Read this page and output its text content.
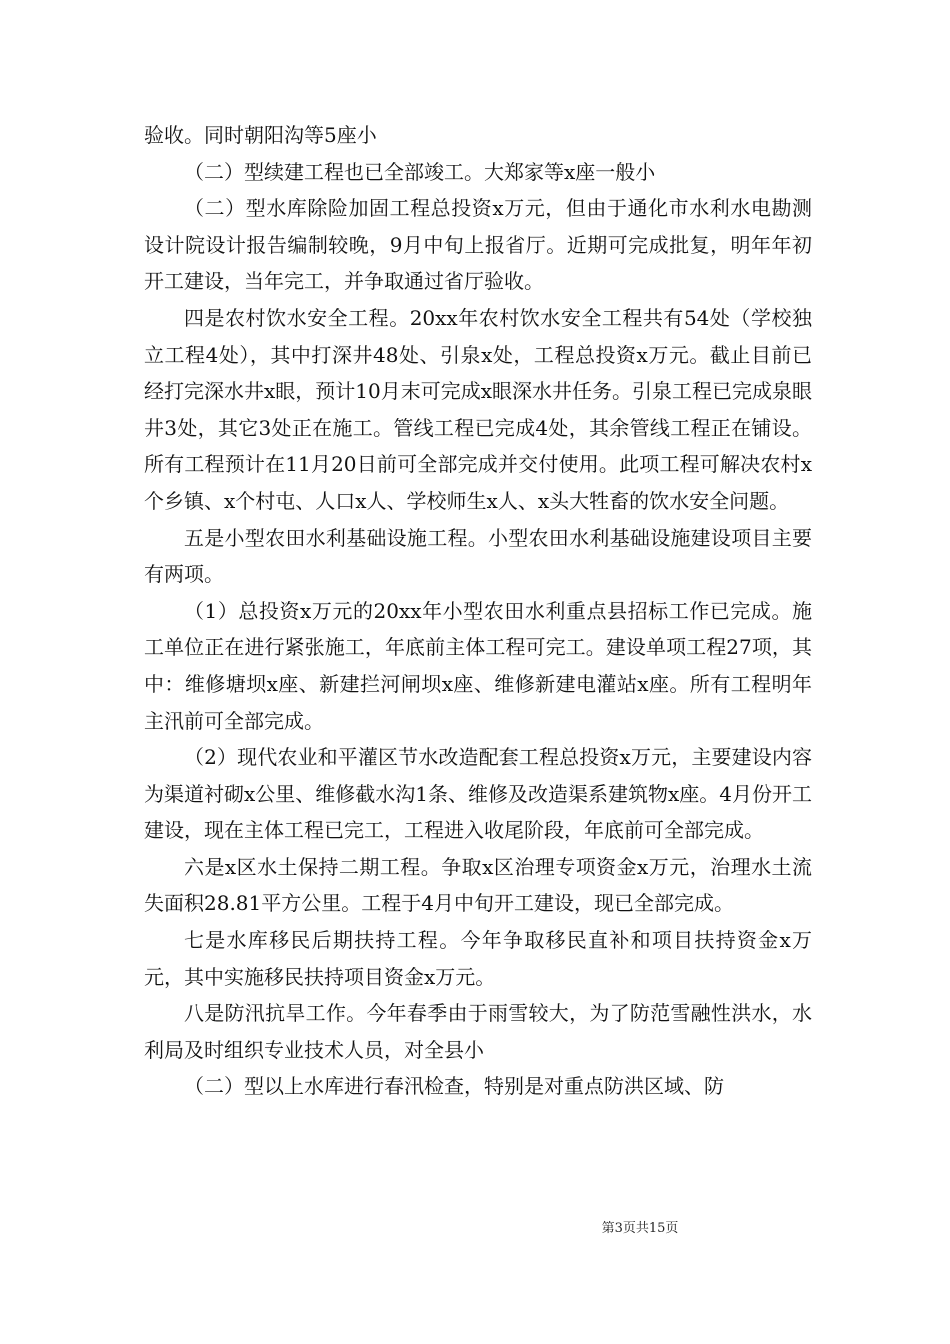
验收。同时朝阳沟等5座小

（二）型续建工程也已全部竣工。大郑家等x座一般小

（二）型水库除险加固工程总投资x万元，但由于通化市水利水电勘测设计院设计报告编制较晚，9月中旬上报省厅。近期可完成批复，明年年初开工建设，当年完工，并争取通过省厅验收。

四是农村饮水安全工程。20xx年农村饮水安全工程共有54处（学校独立工程4处），其中打深井48处、引泉x处，工程总投资x万元。截止目前已经打完深水井x眼，预计10月末可完成x眼深水井任务。引泉工程已完成泉眼井3处，其它3处正在施工。管线工程已完成4处，其余管线工程正在铺设。所有工程预计在11月20日前可全部完成并交付使用。此项工程可解决农村x个乡镇、x个村屯、人口x人、学校师生x人、x头大牲畜的饮水安全问题。

五是小型农田水利基础设施工程。小型农田水利基础设施建设项目主要有两项。

（1）总投资x万元的20xx年小型农田水利重点县招标工作已完成。施工单位正在进行紧张施工，年底前主体工程可完工。建设单项工程27项，其中：维修塘坝x座、新建拦河闸坝x座、维修新建电灌站x座。所有工程明年主汛前可全部完成。

（2）现代农业和平灌区节水改造配套工程总投资x万元，主要建设内容为渠道衬砌x公里、维修截水沟1条、维修及改造渠系建筑物x座。4月份开工建设，现在主体工程已完工，工程进入收尾阶段，年底前可全部完成。

六是x区水土保持二期工程。争取x区治理专项资金x万元，治理水土流失面积28.81平方公里。工程于4月中旬开工建设，现已全部完成。

七是水库移民后期扶持工程。今年争取移民直补和项目扶持资金x万元，其中实施移民扶持项目资金x万元。

八是防汛抗旱工作。今年春季由于雨雪较大，为了防范雪融性洪水，水利局及时组织专业技术人员，对全县小

（二）型以上水库进行春汛检查，特别是对重点防洪区域、防

第3页共15页
